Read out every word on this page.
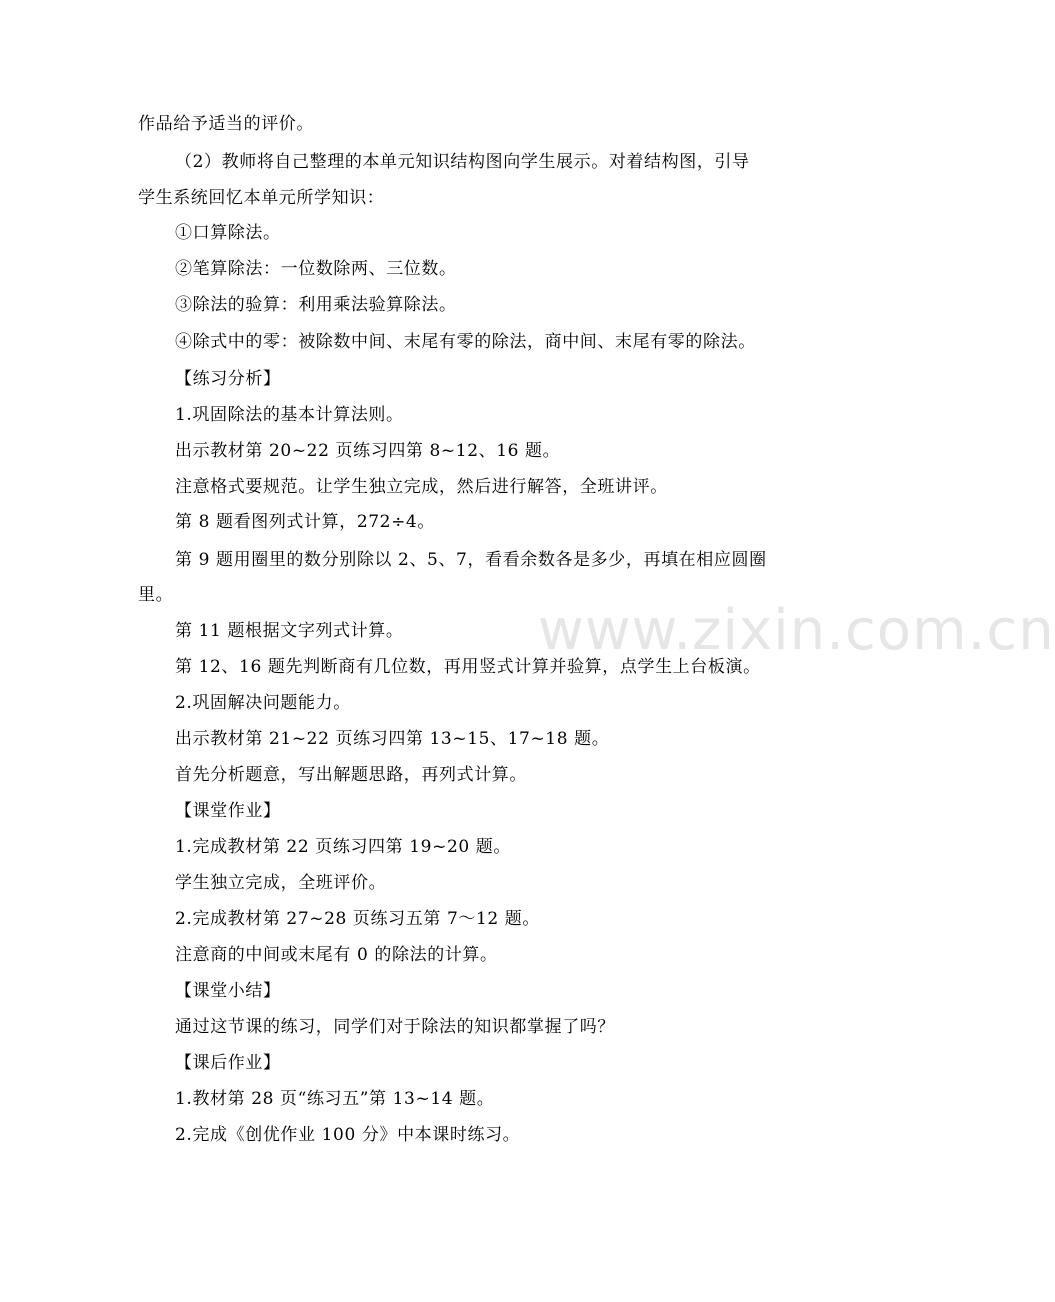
www.zixin.com.cn
作品给予适当的评价。
（2）教师将自己整理的本单元知识结构图向学生展示。对着结构图，引导
学生系统回忆本单元所学知识：
①口算除法。
②笔算除法：一位数除两、三位数。
③除法的验算：利用乘法验算除法。
④除式中的零：被除数中间、末尾有零的除法，商中间、末尾有零的除法。
【练习分析】
1.巩固除法的基本计算法则。
出示教材第 20~22 页练习四第 8~12、16 题。
注意格式要规范。让学生独立完成，然后进行解答，全班讲评。
第 8 题看图列式计算，272÷4。
第 9 题用圈里的数分别除以 2、5、7，看看余数各是多少，再填在相应圆圈
里。
第 11 题根据文字列式计算。
第 12、16 题先判断商有几位数，再用竖式计算并验算，点学生上台板演。
2.巩固解决问题能力。
出示教材第 21~22 页练习四第 13~15、17~18 题。
首先分析题意，写出解题思路，再列式计算。
【课堂作业】
1.完成教材第 22 页练习四第 19~20 题。
学生独立完成，全班评价。
2.完成教材第 27~28 页练习五第 7～12 题。
注意商的中间或末尾有 0 的除法的计算。
【课堂小结】
通过这节课的练习，同学们对于除法的知识都掌握了吗？
【课后作业】
1.教材第 28 页“练习五”第 13~14 题。
2.完成《创优作业 100 分》中本课时练习。
